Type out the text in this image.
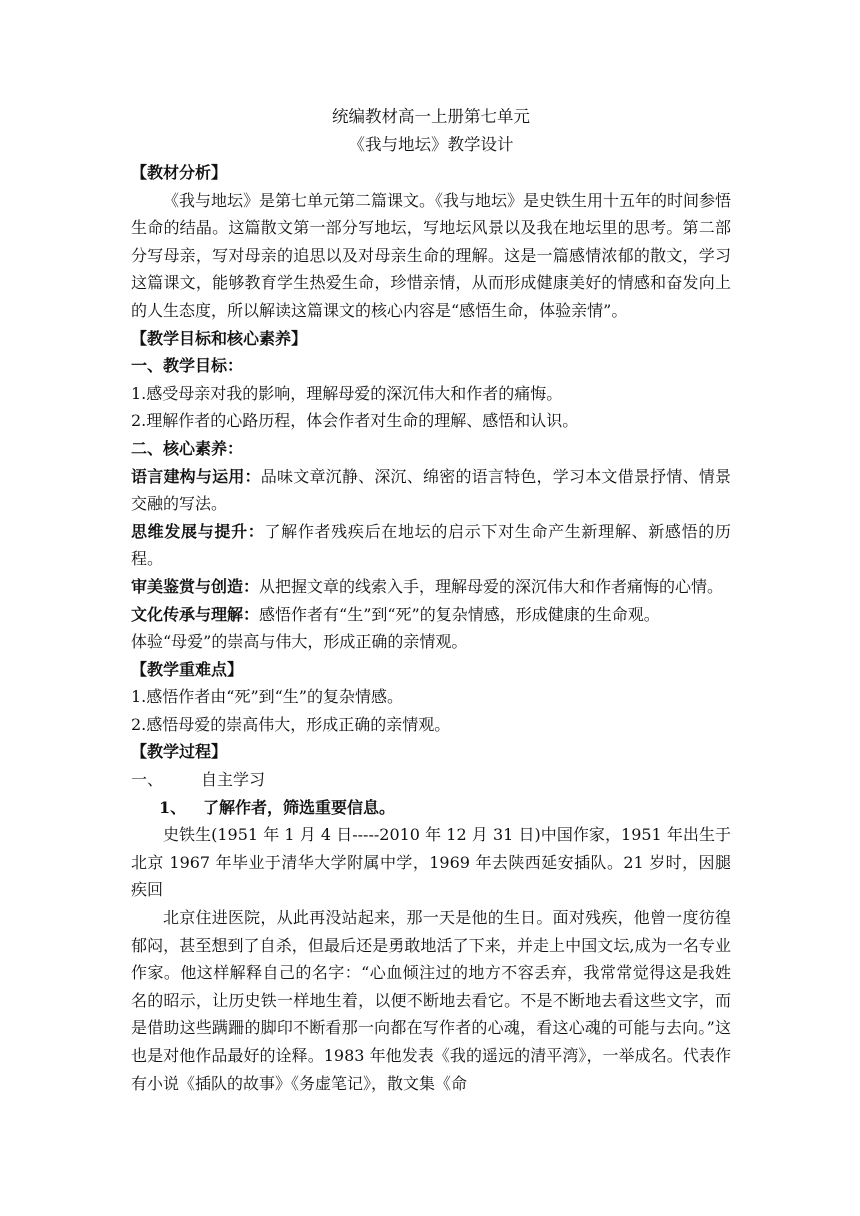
统编教材高一上册第七单元

《我与地坛》教学设计

【教材分析】

《我与地坛》是第七单元第二篇课文。《我与地坛》是史铁生用十五年的时间参悟生命的结晶。这篇散文第一部分写地坛，写地坛风景以及我在地坛里的思考。第二部分写母亲，写对母亲的追思以及对母亲生命的理解。这是一篇感情浓郁的散文，学习这篇课文，能够教育学生热爱生命，珍惜亲情，从而形成健康美好的情感和奋发向上的人生态度，所以解读这篇课文的核心内容是“感悟生命，体验亲情”。

【教学目标和核心素养】

一、教学目标：

1.感受母亲对我的影响，理解母爱的深沉伟大和作者的痛悔。

2.理解作者的心路历程，体会作者对生命的理解、感悟和认识。

二、核心素养：

语言建构与运用：品味文章沉静、深沉、绵密的语言特色，学习本文借景抒情、情景交融的写法。

思维发展与提升：了解作者残疾后在地坛的启示下对生命产生新理解、新感悟的历程。

审美鉴赏与创造：从把握文章的线索入手，理解母爱的深沉伟大和作者痛悔的心情。

文化传承与理解：感悟作者有“生”到“死”的复杂情感，形成健康的生命观。

体验“母爱”的崇高与伟大，形成正确的亲情观。

【教学重难点】

1.感悟作者由“死”到“生”的复杂情感。

2.感悟母爱的崇高伟大，形成正确的亲情观。

【教学过程】

一、 自主学习

1、 了解作者，筛选重要信息。

史铁生(1951 年 1 月 4 日-----2010 年 12 月 31 日)中国作家，1951 年出生于北京 1967 年毕业于清华大学附属中学，1969 年去陕西延安插队。21 岁时，因腿疾回

北京住进医院，从此再没站起来，那一天是他的生日。面对残疾，他曾一度彷徨郁闷，甚至想到了自杀，但最后还是勇敢地活了下来，并走上中国文坛,成为一名专业作家。他这样解释自己的名字：“心血倾注过的地方不容丢弃，我常常觉得这是我姓名的昭示，让历史铁一样地生着，以便不断地去看它。不是不断地去看这些文字，而是借助这些蹒跚的脚印不断看那一向都在写作者的心魂，看这心魂的可能与去向。”这也是对他作品最好的诠释。1983 年他发表《我的遥远的清平湾》，一举成名。代表作有小说《插队的故事》《务虚笔记》，散文集《命
